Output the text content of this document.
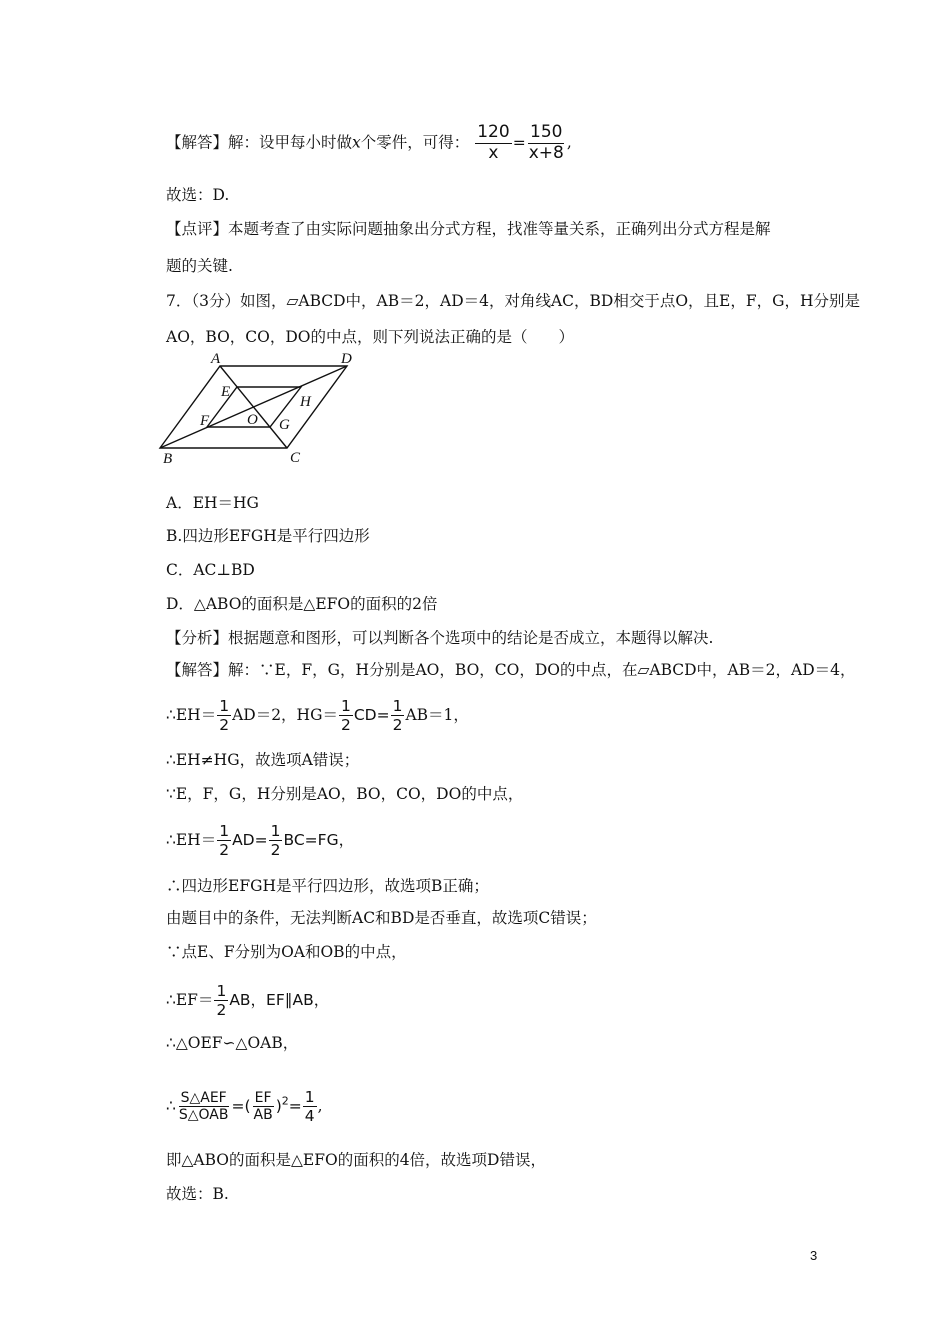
【解答】解：设甲每小时做x个零件，可得： $\frac{120}{x} = \frac{150}{x+8}$ ,
故选：D.
【点评】本题考查了由实际问题抽象出分式方程，找准等量关系，正确列出分式方程是解
题的关键.
7．（3分）如图，▱ABCD中，AB＝2，AD＝4，对角线AC，BD相交于点O，且E，F，G，H分别是
AO，BO，CO，DO的中点，则下列说法正确的是（　　）
A	D
E
H
F	O G
B	C
A．EH＝HG
B.四边形EFGH是平行四边形
C．AC⊥BD
D．△ABO的面积是△EFO的面积的2倍
【分析】根据题意和图形，可以判断各个选项中的结论是否成立，本题得以解决.
【解答】解：∵E，F，G，H分别是AO，BO，CO，DO的中点，在▱ABCD中，AB＝2，AD＝4，
∴EH＝ $\frac{1}{2} AD=2$，$HG= \frac{1}{2} CD= \frac{1}{2} AB=1$，
∴EH≠HG，故选项A错误；
∵E，F，G，H分别是AO，BO，CO，DO的中点，
∴EH＝ $\frac{1}{2} AD= \frac{1}{2} BC=FG$，
∴四边形EFGH是平行四边形，故选项B正确；
由题目中的条件，无法判断AC和BD是否垂直，故选项C错误；
∵点E、F分别为OA和OB的中点，
∴EF＝ $\frac{1}{2}$ AB，EF∥AB，
∴△OEF∽△OAB，
∴ $\frac{\text{S△AEF}}{\text{S△OAB}}$ =( $\frac{EF}{AB} )^2= \frac{1}{4}$ ,
即△ABO的面积是△EFO的面积的4倍，故选项D错误，
故选：B.
3
